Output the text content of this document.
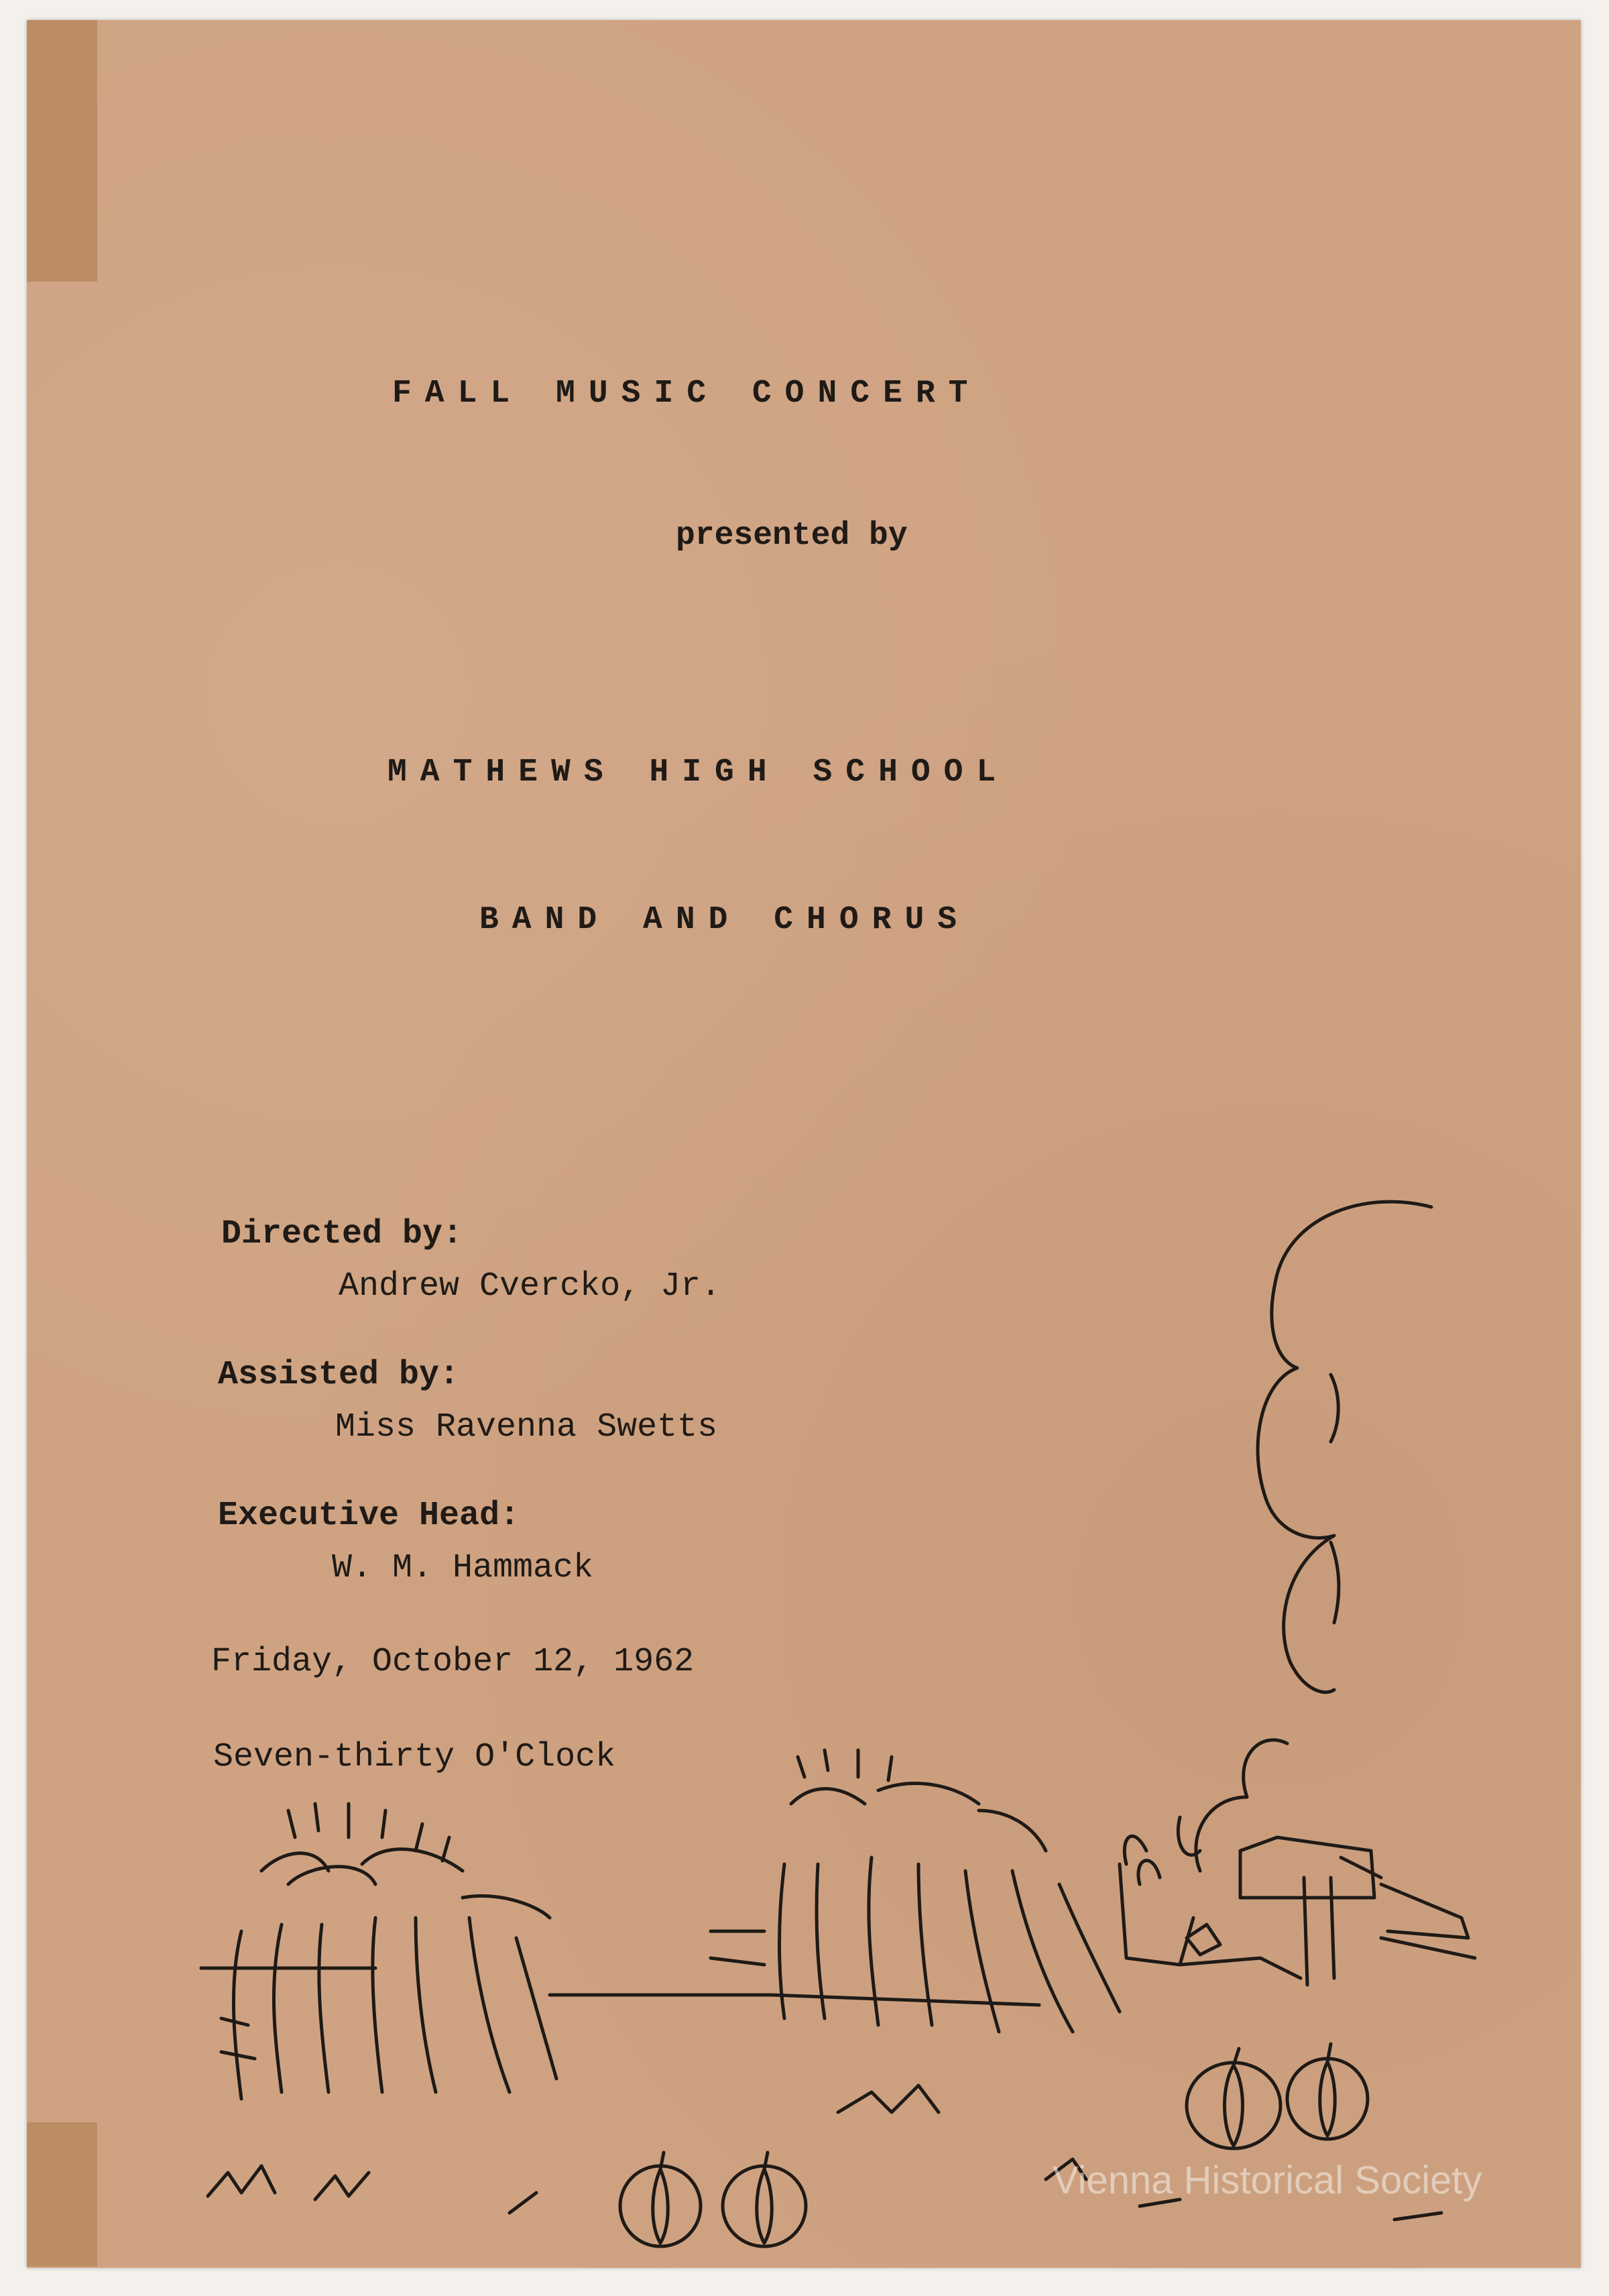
FALL MUSIC CONCERT
presented by
MATHEWS HIGH SCHOOL
BAND AND CHORUS
Directed by:
Andrew Cvercko, Jr.
Assisted by:
Miss Ravenna Swetts
Executive Head:
W. M. Hammack
Friday, October 12, 1962
Seven-thirty O'Clock
Vienna Historical Society
